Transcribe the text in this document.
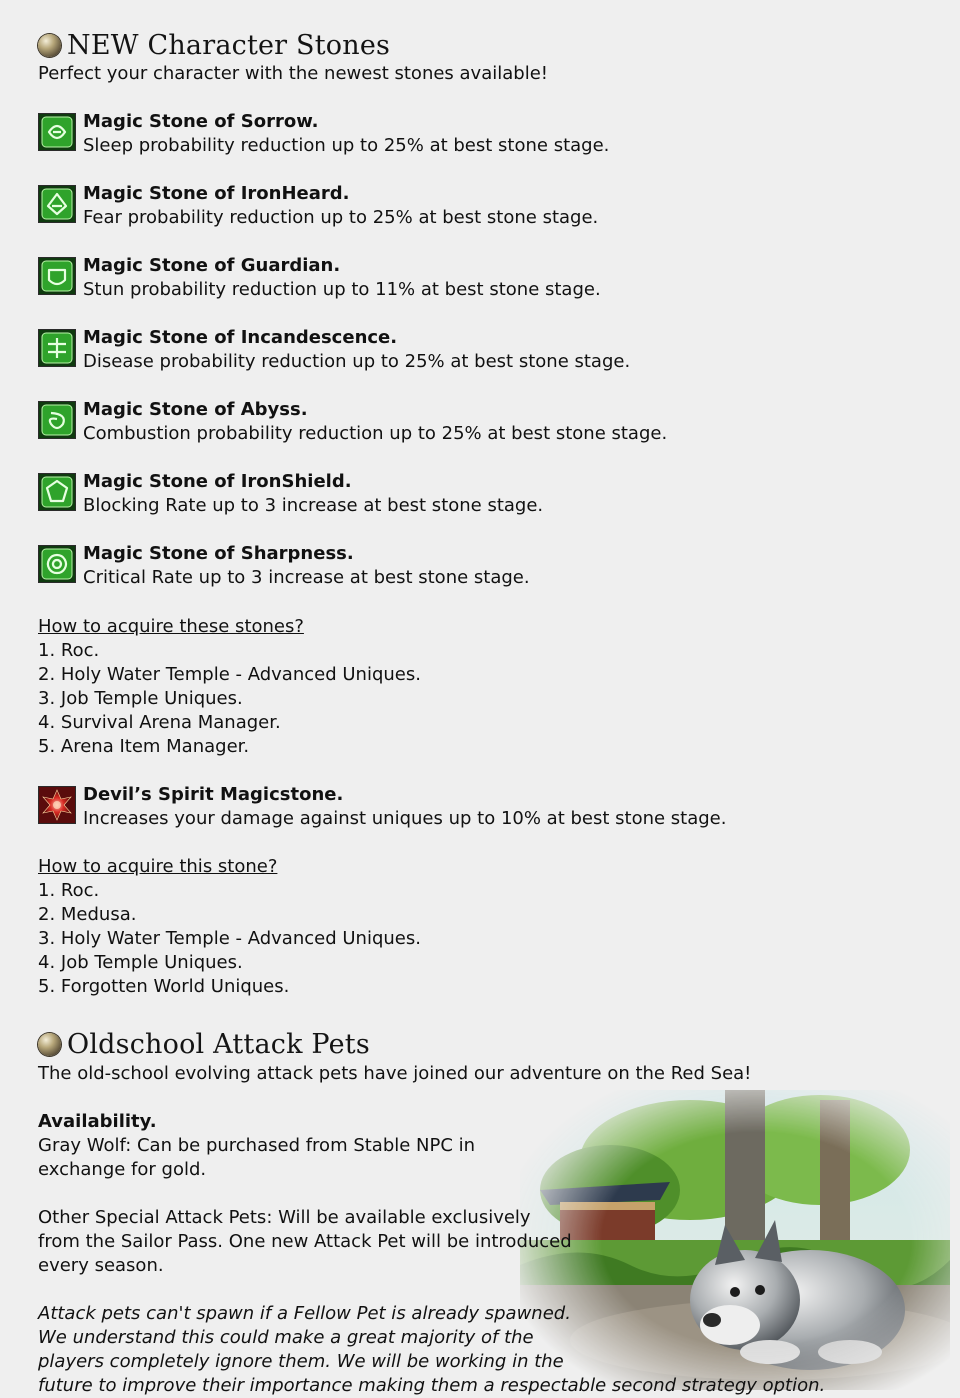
NEW Character Stones
Perfect your character with the newest stones available!
Magic Stone of Sorrow.
Sleep probability reduction up to 25% at best stone stage.
Magic Stone of IronHeard.
Fear probability reduction up to 25% at best stone stage.
Magic Stone of Guardian.
Stun probability reduction up to 11% at best stone stage.
Magic Stone of Incandescence.
Disease probability reduction up to 25% at best stone stage.
Magic Stone of Abyss.
Combustion probability reduction up to 25% at best stone stage.
Magic Stone of IronShield.
Blocking Rate up to 3 increase at best stone stage.
Magic Stone of Sharpness.
Critical Rate up to 3 increase at best stone stage.
How to acquire these stones?
1. Roc.
2. Holy Water Temple - Advanced Uniques.
3. Job Temple Uniques.
4. Survival Arena Manager.
5. Arena Item Manager.
Devil’s Spirit Magicstone.
Increases your damage against uniques up to 10% at best stone stage.
How to acquire this stone?
1. Roc.
2. Medusa.
3. Holy Water Temple - Advanced Uniques.
4. Job Temple Uniques.
5. Forgotten World Uniques.
Oldschool Attack Pets
The old-school evolving attack pets have joined our adventure on the Red Sea!
Availability.
Gray Wolf: Can be purchased from Stable NPC in
exchange for gold.
Other Special Attack Pets: Will be available exclusively
from the Sailor Pass. One new Attack Pet will be introduced
every season.
Attack pets can't spawn if a Fellow Pet is already spawned.
We understand this could make a great majority of the
players completely ignore them. We will be working in the
future to improve their importance making them a respectable second strategy option.
